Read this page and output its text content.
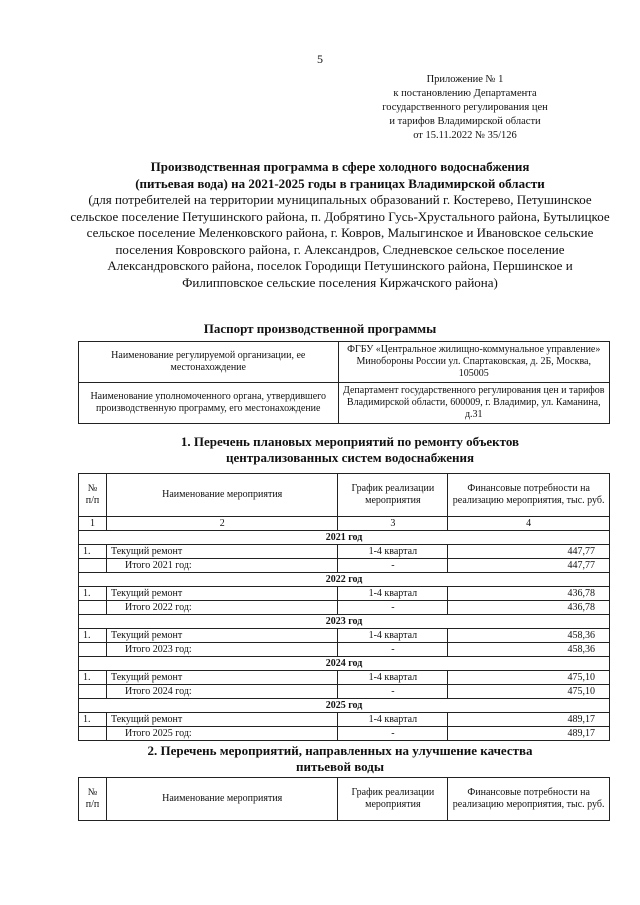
5
Приложение № 1
к постановлению Департамента
государственного регулирования цен
и тарифов Владимирской области
от 15.11.2022 № 35/126
Производственная программа в сфере холодного водоснабжения
(питьевая вода) на 2021-2025 годы в границах Владимирской области
(для потребителей на территории муниципальных образований г. Костерево, Петушинское сельское поселение Петушинского района, п. Добрятино Гусь-Хрустального района, Бутылицкое сельское поселение Меленковского района, г. Ковров, Малыгинское и Ивановское сельские поселения Ковровского района, г. Александров, Следневское сельское поселение Александровского района, поселок Городищи Петушинского района, Першинское и Филипповское сельские поселения Киржачского района)
Паспорт производственной программы
Наименование регулируемой организации, ее местонахождение	ФГБУ «Центральное жилищно-коммунальное управление» Минобороны России ул. Спартаковская, д. 2Б, Москва, 105005
Наименование уполномоченного органа, утвердившего производственную программу, его местонахождение	Департамент государственного регулирования цен и тарифов Владимирской области, 600009, г. Владимир, ул. Каманина, д.31
1. Перечень плановых мероприятий по ремонту объектов
централизованных систем водоснабжения
№ п/п	Наименование мероприятия	График реализации мероприятия	Финансовые потребности на реализацию мероприятия, тыс. руб.
1	2	3	4
2021 год			
1.	Текущий ремонт	1-4 квартал	447,77
	Итого 2021 год:	-	447,77
2022 год			
1.	Текущий ремонт	1-4 квартал	436,78
	Итого 2022 год:	-	436,78
2023 год			
1.	Текущий ремонт	1-4 квартал	458,36
	Итого 2023 год:	-	458,36
2024 год			
1.	Текущий ремонт	1-4 квартал	475,10
	Итого 2024 год:	-	475,10
2025 год			
1.	Текущий ремонт	1-4 квартал	489,17
	Итого 2025 год:	-	489,17
2. Перечень мероприятий, направленных на улучшение качества
питьевой воды
№ п/п	Наименование мероприятия	График реализации мероприятия	Финансовые потребности на реализацию мероприятия, тыс. руб.
